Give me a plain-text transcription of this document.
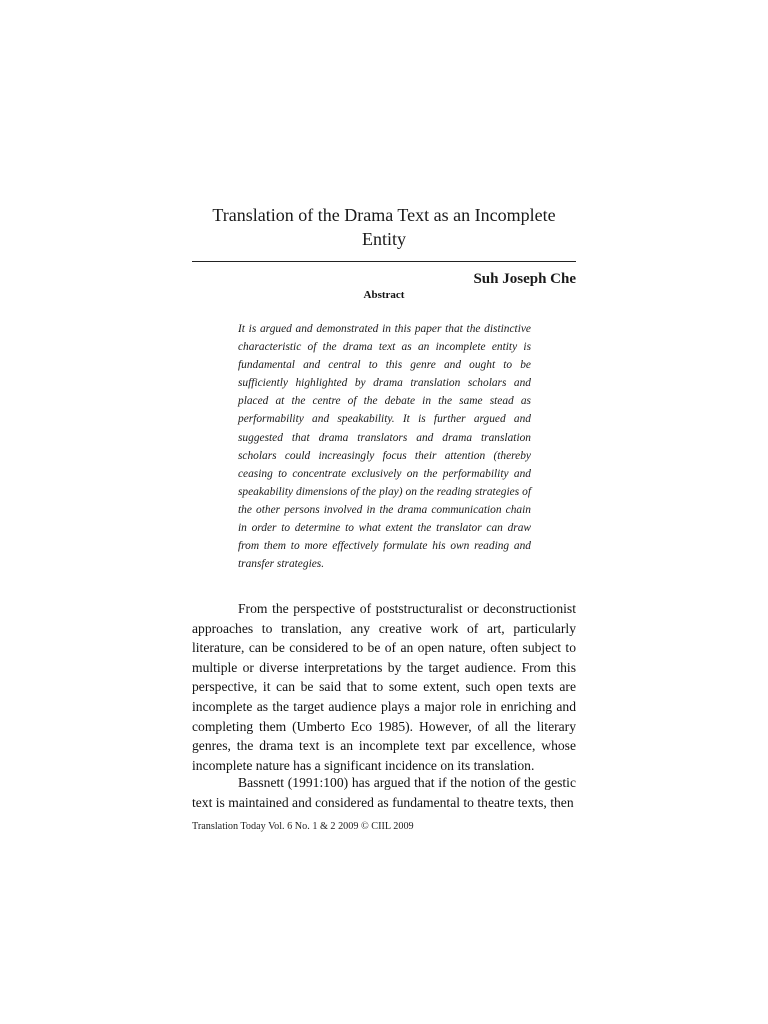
Translation of the Drama Text as an Incomplete Entity
Suh Joseph Che
Abstract

It is argued and demonstrated in this paper that the distinctive characteristic of the drama text as an incomplete entity is fundamental and central to this genre and ought to be sufficiently highlighted by drama translation scholars and placed at the centre of the debate in the same stead as performability and speakability. It is further argued and suggested that drama translators and drama translation scholars could increasingly focus their attention (thereby ceasing to concentrate exclusively on the performability and speakability dimensions of the play) on the reading strategies of the other persons involved in the drama communication chain in order to determine to what extent the translator can draw from them to more effectively formulate his own reading and transfer strategies.

From the perspective of poststructuralist or deconstructionist approaches to translation, any creative work of art, particularly literature, can be considered to be of an open nature, often subject to multiple or diverse interpretations by the target audience. From this perspective, it can be said that to some extent, such open texts are incomplete as the target audience plays a major role in enriching and completing them (Umberto Eco 1985). However, of all the literary genres, the drama text is an incomplete text par excellence, whose incomplete nature has a significant incidence on its translation.

Bassnett (1991:100) has argued that if the notion of the gestic text is maintained and considered as fundamental to theatre texts, then

Translation Today Vol. 6 No. 1 & 2 2009 © CIIL 2009
